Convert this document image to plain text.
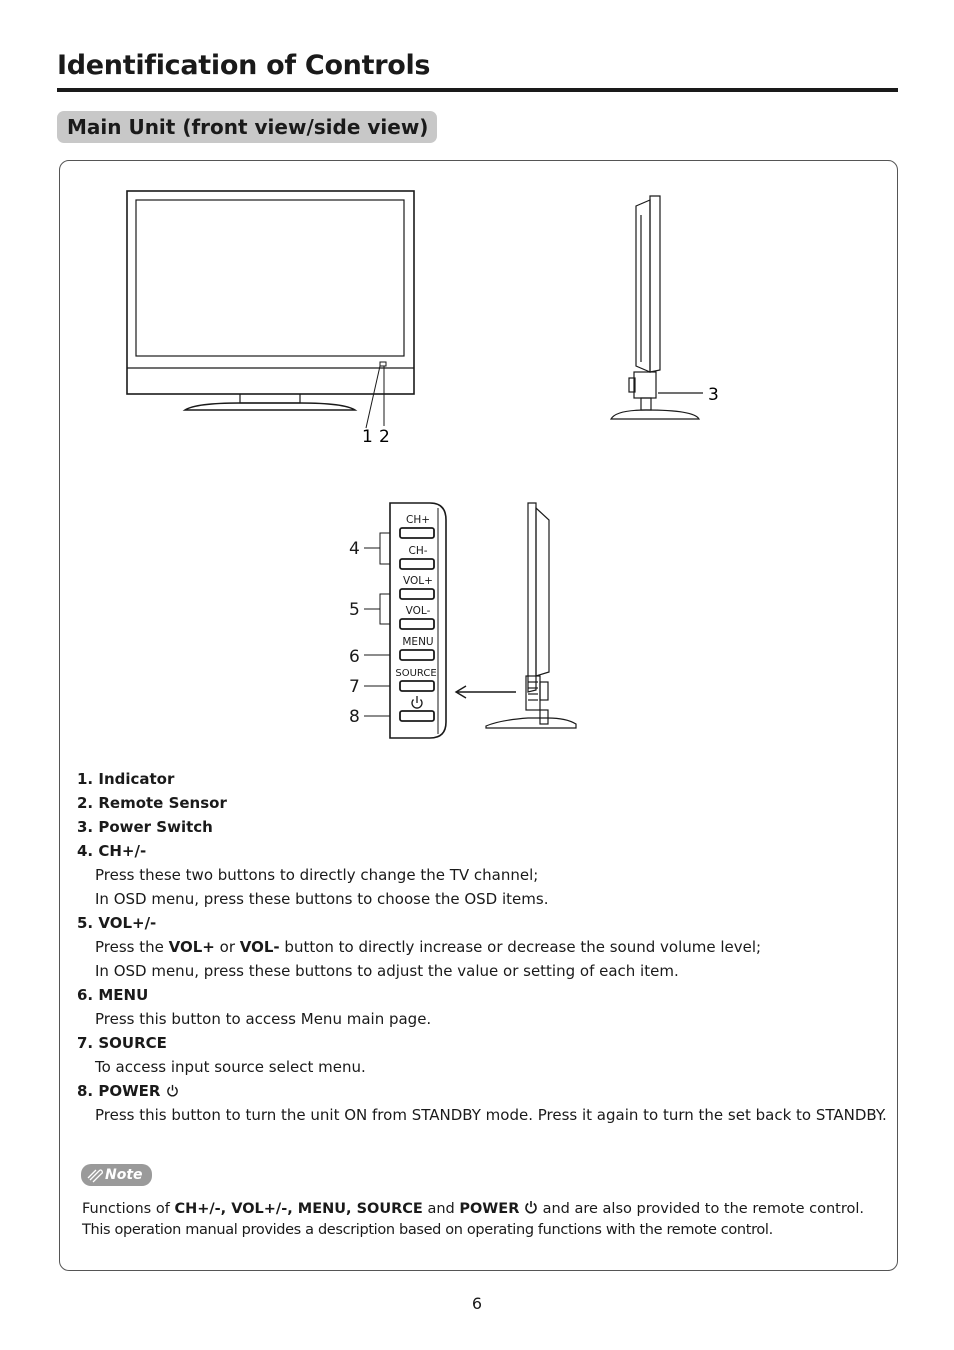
Identification of Controls
Main Unit (front view/side view)
1 2
3
CH+
CH-
VOL+
VOL-
MENU
SOURCE
4
5
6
7
8
1. Indicator
2. Remote Sensor
3. Power Switch
4. CH+/-
Press these two buttons to directly change the TV channel;
In OSD menu, press these buttons to choose the OSD items.
5. VOL+/-
Press the VOL+ or VOL- button to directly increase or decrease the sound volume level;
In OSD menu, press these buttons to adjust the value or setting of each item.
6. MENU
Press this button to access Menu main page.
7. SOURCE
To access input source select menu.
8. POWER
Press this button to turn the unit ON from STANDBY mode. Press it again to turn the set back to STANDBY.
Note
Functions of CH+/-, VOL+/-, MENU, SOURCE and POWER  and are also provided to the remote control.
This operation manual provides a description based on operating functions with the remote control.
6
